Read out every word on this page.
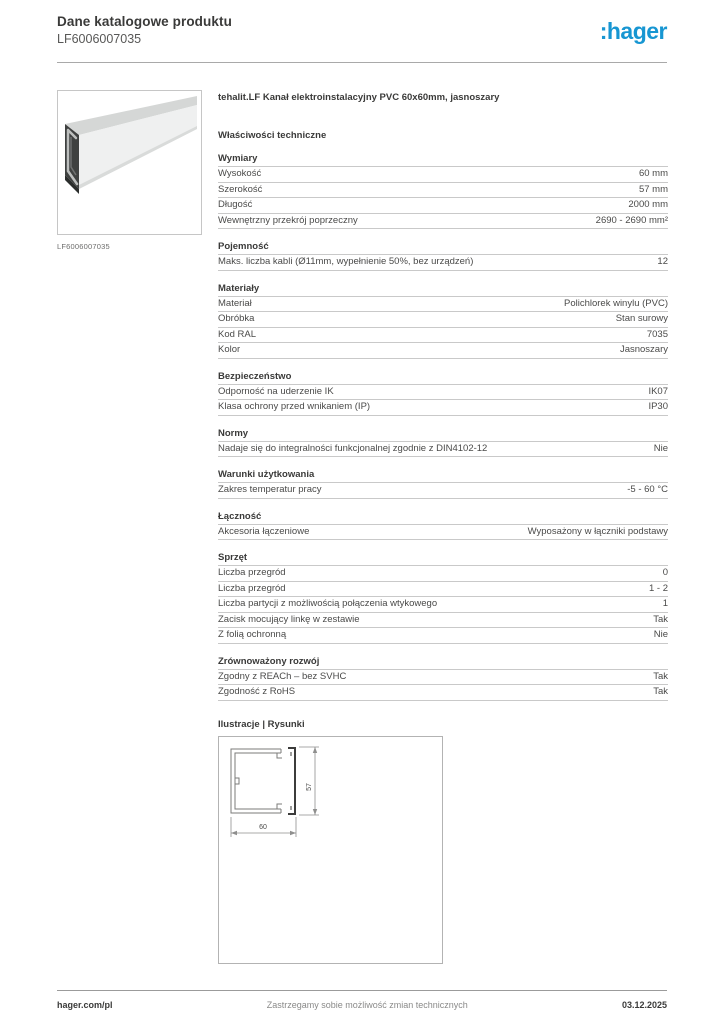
Dane katalogowe produktu
LF6006007035	:hager
LF6006007035
tehalit.LF Kanał elektroinstalacyjny PVC 60x60mm, jasnoszary
Właściwości techniczne
Wymiary
Wysokość	60 mm
Szerokość	57 mm
Długość	2000 mm
Wewnętrzny przekrój poprzeczny	2690 - 2690 mm²
Pojemność
Maks. liczba kabli (Ø11mm, wypełnienie 50%, bez urządzeń)	12
Materiały
Materiał	Polichlorek winylu (PVC)
Obróbka	Stan surowy
Kod RAL	7035
Kolor	Jasnoszary
Bezpieczeństwo
Odporność na uderzenie IK	IK07
Klasa ochrony przed wnikaniem (IP)	IP30
Normy
Nadaje się do integralności funkcjonalnej zgodnie z DIN4102-12	Nie
Warunki użytkowania
Zakres temperatur pracy	-5 - 60 °C
Łączność
Akcesoria łączeniowe	Wyposażony w łączniki podstawy
Sprzęt
Liczba przegród	0
Liczba przegród	1 - 2
Liczba partycji z możliwością połączenia wtykowego	1
Zacisk mocujący linkę w zestawie	Tak
Z folią ochronną	Nie
Zrównoważony rozwój
Zgodny z REACh – bez SVHC	Tak
Zgodność z RoHS	Tak
Ilustracje | Rysunki
57
60
hager.com/pl	Zastrzegamy sobie możliwość zmian technicznych	03.12.2025
